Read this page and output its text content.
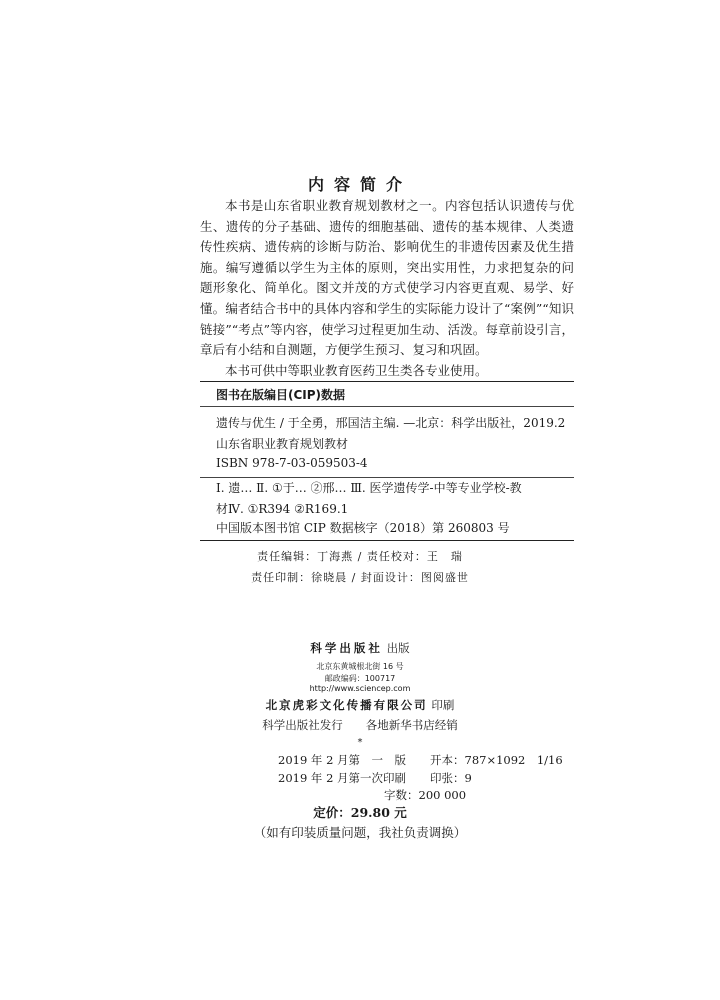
内容简介

本书是山东省职业教育规划教材之一。内容包括认识遗传与优生、遗传的分子基础、遗传的细胞基础、遗传的基本规律、人类遗传性疾病、遗传病的诊断与防治、影响优生的非遗传因素及优生措施。编写遵循以学生为主体的原则，突出实用性，力求把复杂的问题形象化、简单化。图文并茂的方式使学习内容更直观、易学、好懂。编者结合书中的具体内容和学生的实际能力设计了“案例”“知识链接”“考点”等内容，使学习过程更加生动、活泼。每章前设引言，章后有小结和自测题，方便学生预习、复习和巩固。

本书可供中等职业教育医药卫生类各专业使用。

图书在版编目(CIP)数据
遗传与优生 / 于全勇，邢国洁主编. —北京：科学出版社，2019.2
山东省职业教育规划教材
ISBN 978-7-03-059503-4
Ⅰ. 遗… Ⅱ. ①于… ②邢… Ⅲ. 医学遗传学-中等专业学校-教
材Ⅳ. ①R394 ②R169.1
中国版本图书馆 CIP 数据核字（2018）第 260803 号
责任编辑：丁海燕 / 责任校对：王　瑞
责任印制：徐晓晨 / 封面设计：图阅盛世
科学出版社 出版
北京东黄城根北街 16 号
邮政编码：100717
http://www.sciencep.com
北京虎彩文化传播有限公司 印刷
科学出版社发行　　各地新华书店经销
*
2019 年 2 月第　一　版 开本：787×1092　1/16
2019 年 2 月第一次印刷 印张：9
字数：200 000
定价：29.80 元
（如有印装质量问题，我社负责调换）
